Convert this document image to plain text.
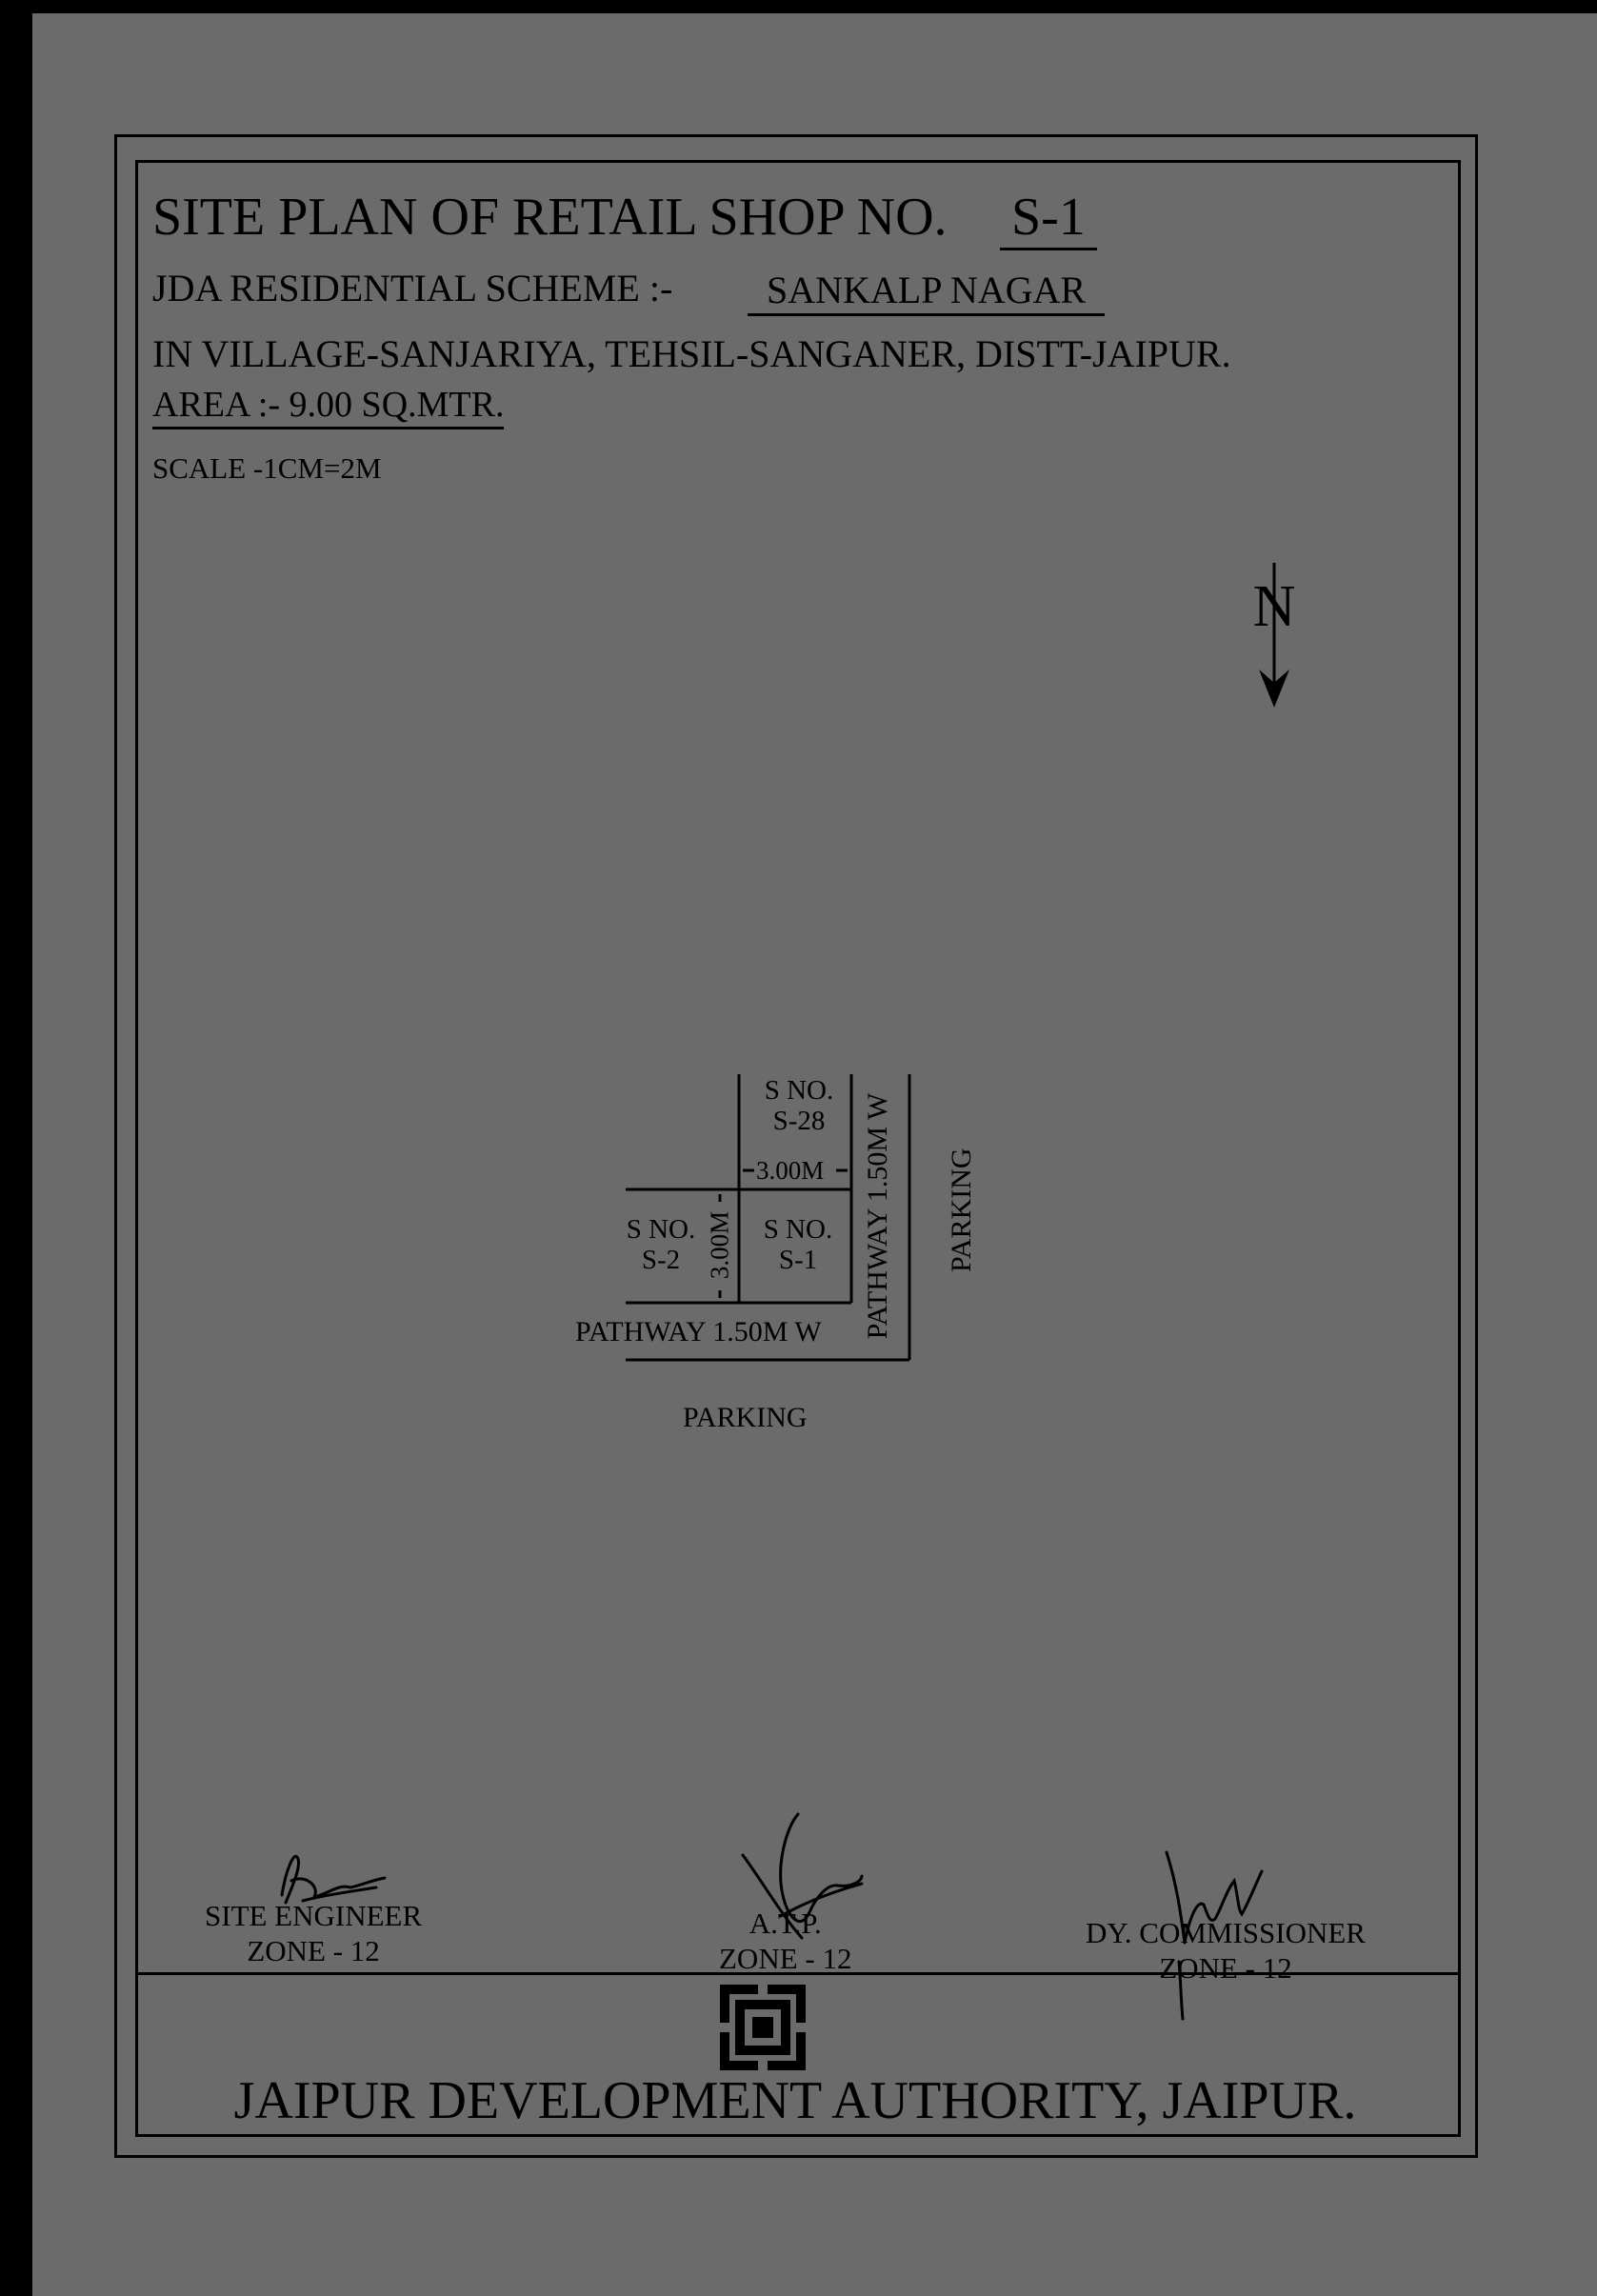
SITE PLAN OF RETAIL SHOP NO. S-1
JDA RESIDENTIAL SCHEME :-	SANKALP NAGAR
IN VILLAGE-SANJARIYA, TEHSIL-SANGANER, DISTT-JAIPUR.
AREA :- 9.00 SQ.MTR.
SCALE -1CM=2M
N
S NO.
S-28
S NO.
S-2
S NO.
S-1
3.00M
3.00M
PATHWAY 1.50M W PATHWAY 1.50M W
PARKING
PARKING
SITE ENGINEER
ZONE - 12
A.T.P.
ZONE - 12
DY. COMMISSIONER
ZONE - 12
JAIPUR DEVELOPMENT AUTHORITY, JAIPUR.
